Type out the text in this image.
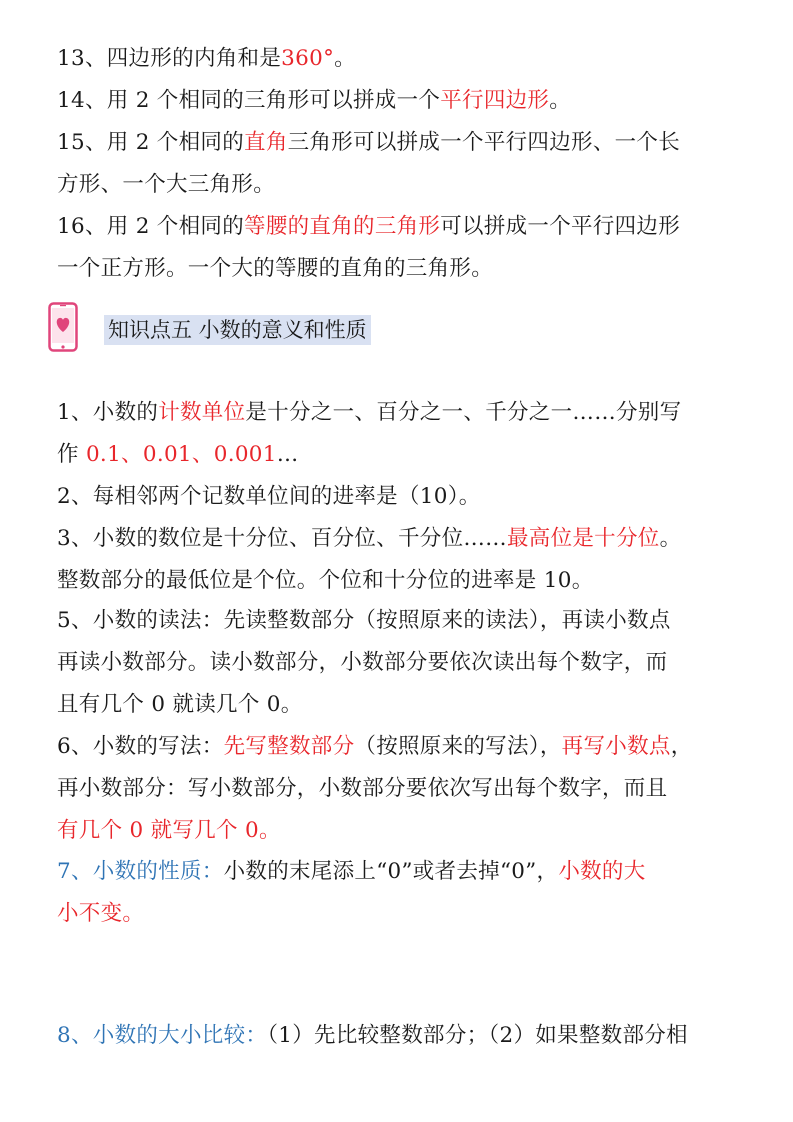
13、四边形的内角和是360°。
14、用 2 个相同的三角形可以拼成一个平行四边形。
15、用 2 个相同的直角三角形可以拼成一个平行四边形、一个长
方形、一个大三角形。
16、用 2 个相同的等腰的直角的三角形可以拼成一个平行四边形
一个正方形。一个大的等腰的直角的三角形。
知识点五 小数的意义和性质
1、小数的计数单位是十分之一、百分之一、千分之一……分别写
作 0.1、0.01、0.001…
2、每相邻两个记数单位间的进率是（10）。
3、小数的数位是十分位、百分位、千分位……最高位是十分位。
整数部分的最低位是个位。个位和十分位的进率是 10。
5、小数的读法：先读整数部分（按照原来的读法），再读小数点
再读小数部分。读小数部分，小数部分要依次读出每个数字，而
且有几个 0 就读几个 0。
6、小数的写法：先写整数部分（按照原来的写法），再写小数点，
再小数部分：写小数部分，小数部分要依次写出每个数字，而且
有几个 0 就写几个 0。
7、小数的性质：小数的末尾添上“0”或者去掉“0”，小数的大
小不变。
8、小数的大小比较：（1）先比较整数部分；（2）如果整数部分相
